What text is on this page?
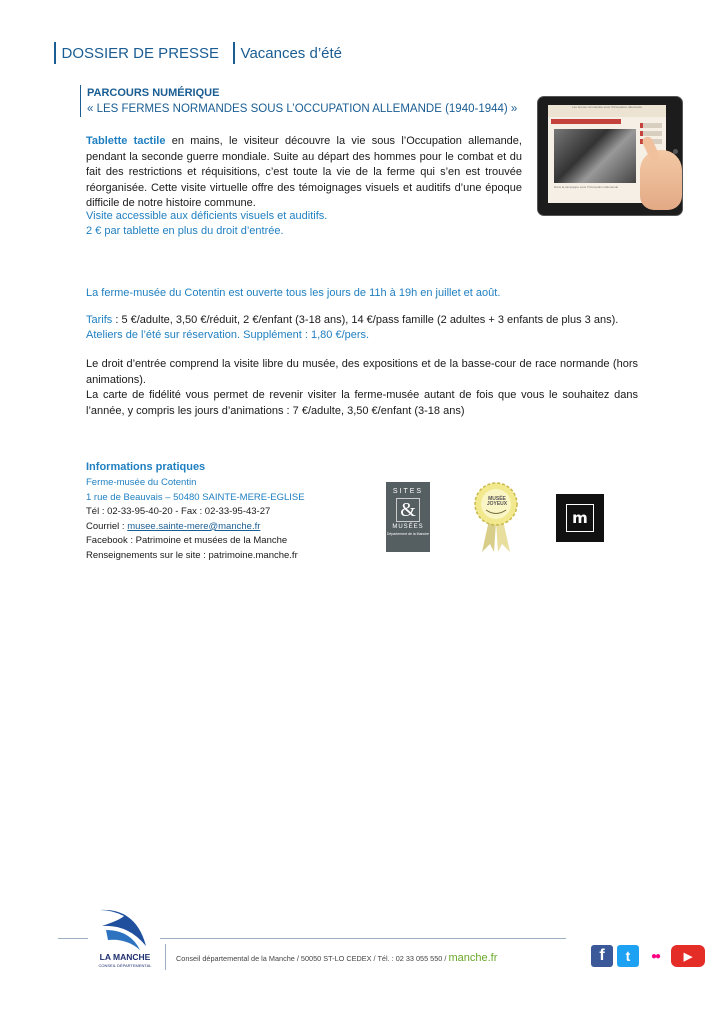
DOSSIER DE PRESSE Vacances d’été
PARCOURS NUMÉRIQUE
« LES FERMES NORMANDES SOUS L’OCCUPATION ALLEMANDE (1940-1944) »
Tablette tactile en mains, le visiteur découvre la vie sous l’Occupation allemande, pendant la seconde guerre mondiale. Suite au départ des hommes pour le combat et du fait des restrictions et réquisitions, c’est toute la vie de la ferme qui s’en est trouvée réorganisée. Cette visite virtuelle offre des témoignages visuels et auditifs d’une époque difficile de notre histoire commune.
Visite accessible aux déficients visuels et auditifs.
2 € par tablette en plus du droit d’entrée.
Les fermes normandes sous l’Occupation allemande
Dans la campagne sous l’Occupation allemande
La ferme-musée du Cotentin est ouverte tous les jours de 11h à 19h en juillet et août.
Tarifs : 5 €/adulte, 3,50 €/réduit, 2 €/enfant (3-18 ans), 14 €/pass famille (2 adultes + 3 enfants de plus 3 ans).
Ateliers de l’été sur réservation. Supplément : 1,80 €/pers.
Le droit d’entrée comprend la visite libre du musée, des expositions et de la basse-cour de race normande (hors animations).
La carte de fidélité vous permet de revenir visiter la ferme-musée autant de fois que vous le souhaitez dans l’année, y compris les jours d’animations : 7 €/adulte, 3,50 €/enfant (3-18 ans)
Informations pratiques
Ferme-musée du Cotentin
1 rue de Beauvais – 50480 SAINTE-MERE-EGLISE
Tél : 02-33-95-40-20 - Fax : 02-33-95-43-27
Courriel : musee.sainte-mere@manche.fr
Facebook : Patrimoine et musées de la Manche
Renseignements sur le site : patrimoine.manche.fr
SITES
&
MUSÉES
Département de la Manche
MUSÉE JOYEUX
m
LA MANCHE
CONSEIL DÉPARTEMENTAL
Conseil départemental de la Manche / 50050 ST-LO CEDEX / Tél. : 02 33 055 550 / manche.fr	f	t	●●	▶
